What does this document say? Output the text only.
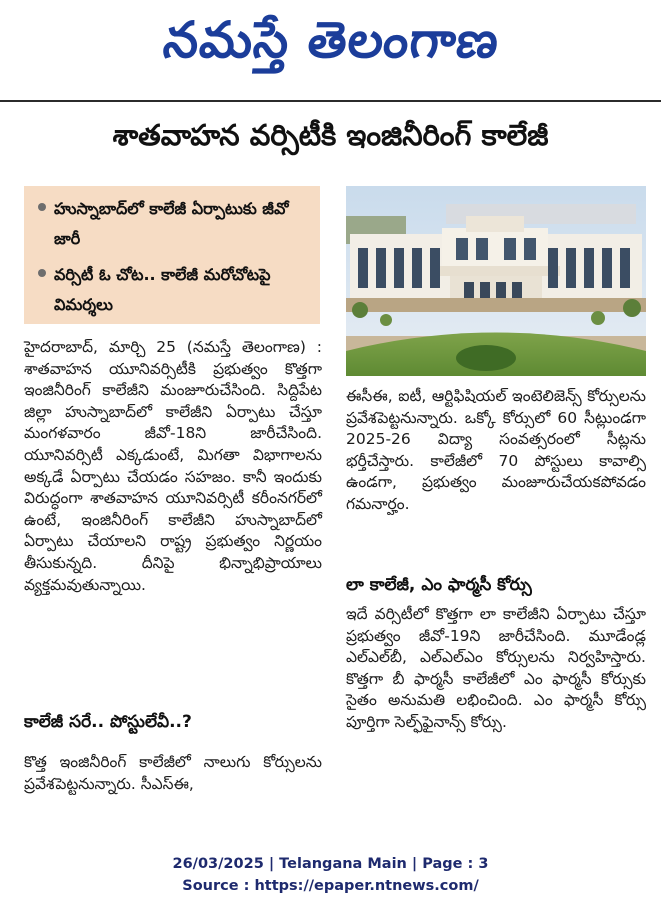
నమస్తే తెలంగాణ
శాతవాహన వర్సిటీకి ఇంజినీరింగ్ కాలేజీ
హుస్నాబాద్‌లో కాలేజీ ఏర్పాటుకు జీవో జారీ
వర్సిటీ ఓ చోట.. కాలేజీ మరోచోటపై విమర్శలు
హైదరాబాద్, మార్చి 25 (నమస్తే తెలంగాణ) : శాతవాహన యూనివర్సిటీకి ప్రభుత్వం కొత్తగా ఇంజినీరింగ్ కాలేజీని మంజూరుచేసింది. సిద్దిపేట జిల్లా హుస్నాబాద్‌లో కాలేజీని ఏర్పాటు చేస్తూ మంగళవారం జీవో-18ని జారీచేసింది. యూనివర్సిటీ ఎక్కడుంటే, మిగతా విభాగాలను అక్కడే ఏర్పాటు చేయడం సహజం. కానీ ఇందుకు విరుద్ధంగా శాతవాహన యూనివర్సిటీ కరీంనగర్‌లో ఉంటే, ఇంజినీరింగ్ కాలేజీని హుస్నాబాద్‌లో ఏర్పాటు చేయాలని రాష్ట్ర ప్రభుత్వం నిర్ణయం తీసుకున్నది. దీనిపై భిన్నాభిప్రాయాలు వ్యక్తమవుతున్నాయి.
కాలేజీ సరే.. పోస్టులేవీ..?
కొత్త ఇంజినీరింగ్ కాలేజీలో నాలుగు కోర్సులను ప్రవేశపెట్టనున్నారు. సీఎస్‌ఈ,
ఈసీఈ, ఐటీ, ఆర్టిఫిషియల్ ఇంటెలిజెన్స్ కోర్సులను ప్రవేశపెట్టనున్నారు. ఒక్కో కోర్సులో 60 సీట్లుండగా 2025-26 విద్యా సంవత్సరంలో సీట్లను భర్తీచేస్తారు. కాలేజీలో 70 పోస్టులు కావాల్సి ఉండగా, ప్రభుత్వం మంజూరుచేయకపోవడం గమనార్హం.
లా కాలేజీ, ఎం ఫార్మసీ కోర్సు
ఇదే వర్సిటీలో కొత్తగా లా కాలేజీని ఏర్పాటు చేస్తూ ప్రభుత్వం జీవో-19ని జారీచేసింది. మూడేండ్ల ఎల్‌ఎల్‌బీ, ఎల్‌ఎల్‌ఎం కోర్సులను నిర్వహిస్తారు. కొత్తగా బీ ఫార్మసీ కాలేజీలో ఎం ఫార్మసీ కోర్సుకు సైతం అనుమతి లభించింది. ఎం ఫార్మసీ కోర్సు పూర్తిగా సెల్ఫ్‌ఫైనాన్స్ కోర్సు.
26/03/2025 | Telangana Main | Page : 3
Source : https://epaper.ntnews.com/
